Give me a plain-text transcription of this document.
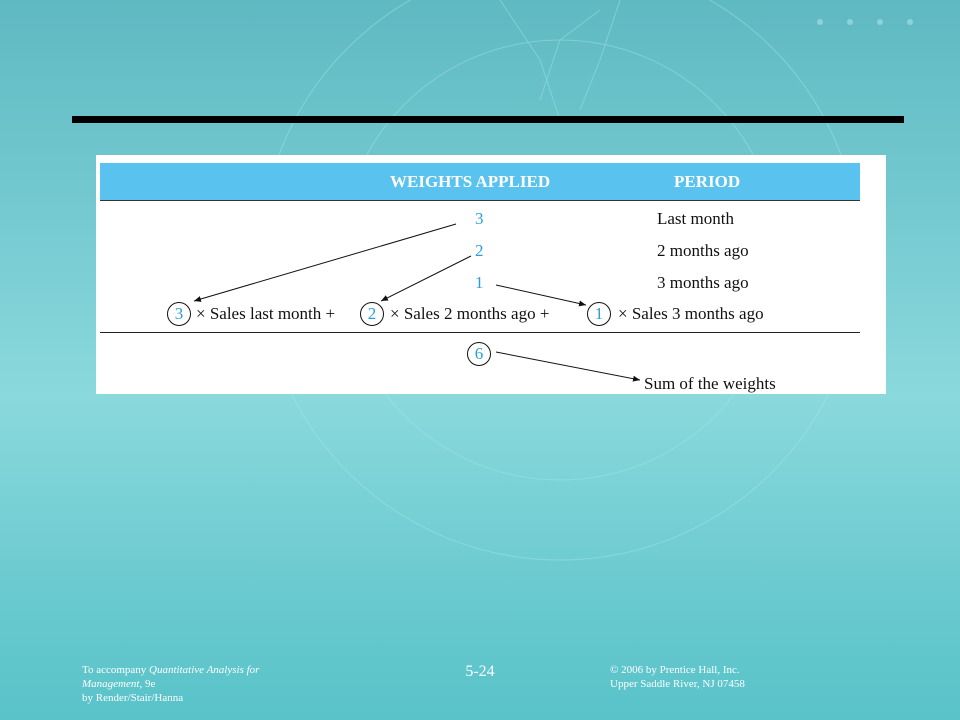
WEIGHTS APPLIED	PERIOD
3	Last month
2	2 months ago
1	3 months ago
3 × Sales last month +	2 × Sales 2 months ago +	1 × Sales 3 months ago
6
Sum of the weights
To accompany Quantitative Analysis for
Management, 9e
by Render/Stair/Hanna
5-24	© 2006 by Prentice Hall, Inc.
Upper Saddle River, NJ 07458
